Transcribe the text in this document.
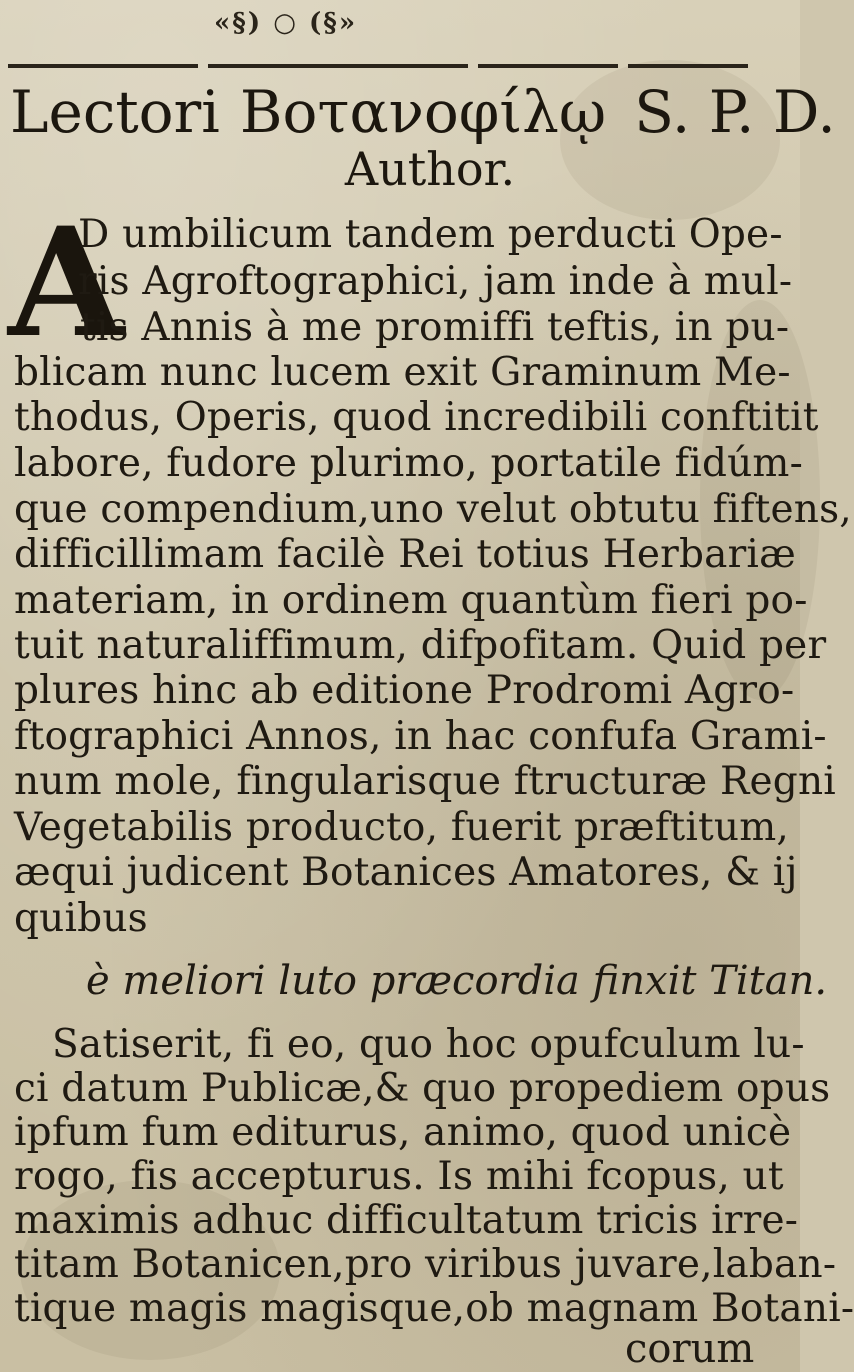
«§) ○ (§»
Lectori Βοτανοφίλῳ S. P. D.
Author.
A
D umbilicum tandem perducti Ope-
ris Agroftographici, jam inde à mul-
tis Annis à me promiffi teftis, in pu-
blicam nunc lucem exit Graminum Me-
thodus, Operis, quod incredibili conftitit
labore, fudore plurimo, portatile fidúm-
que compendium,uno velut obtutu fiftens,
difficillimam facilè Rei totius Herbariæ
materiam, in ordinem quantùm fieri po-
tuit naturaliffimum, difpofitam. Quid per
plures hinc ab editione Prodromi Agro-
ftographici Annos, in hac confufa Grami-
num mole, fingularisque ftructuræ Regni
Vegetabilis producto, fuerit præftitum,
æqui judicent Botanices Amatores, & ij
quibus
è meliori luto præcordia finxit Titan.
Satiserit, fi eo, quo hoc opufculum lu-
ci datum Publicæ,& quo propediem opus
ipfum fum editurus, animo, quod unicè
rogo, fis accepturus. Is mihi fcopus, ut
maximis adhuc difficultatum tricis irre-
titam Botanicen,pro viribus juvare,laban-
tique magis magisque,ob magnam Botani-
corum
